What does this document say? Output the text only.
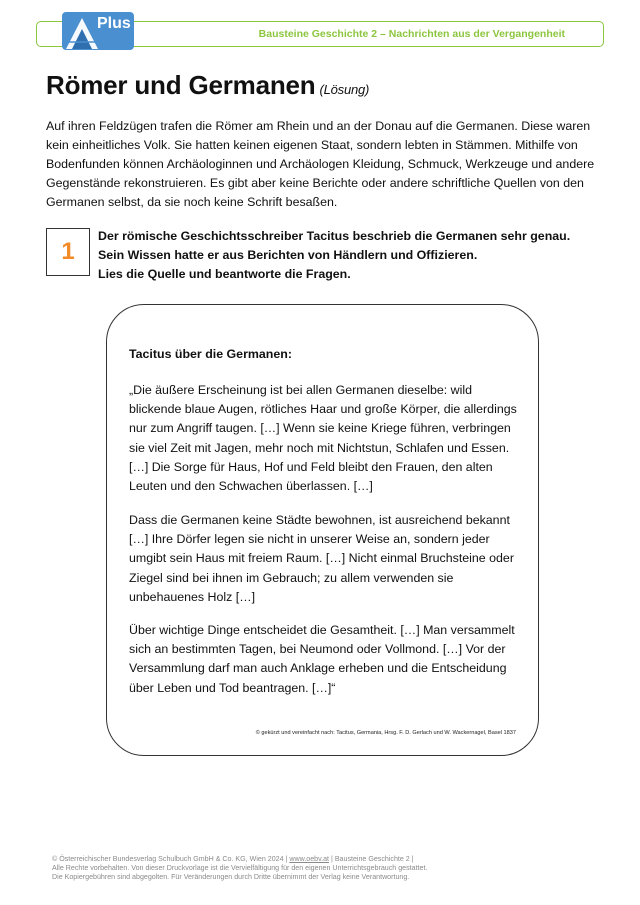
Bausteine Geschichte 2 – Nachrichten aus der Vergangenheit
Plus
Römer und Germanen (Lösung)

Auf ihren Feldzügen trafen die Römer am Rhein und an der Donau auf die Germanen. Diese waren kein einheitliches Volk. Sie hatten keinen eigenen Staat, sondern lebten in Stämmen. Mithilfe von Bodenfunden können Archäologinnen und Archäologen Kleidung, Schmuck, Werkzeuge und andere Gegenstände rekonstruieren. Es gibt aber keine Berichte oder andere schriftliche Quellen von den Germanen selbst, da sie noch keine Schrift besaßen.

1
Der römische Geschichtsschreiber Tacitus beschrieb die Germanen sehr genau.
Sein Wissen hatte er aus Berichten von Händlern und Offizieren.
Lies die Quelle und beantworte die Fragen.
Tacitus über die Germanen:

„Die äußere Erscheinung ist bei allen Germanen dieselbe: wild blickende blaue Augen, rötliches Haar und große Körper, die allerdings nur zum Angriff taugen. […] Wenn sie keine Kriege führen, verbringen sie viel Zeit mit Jagen, mehr noch mit Nichtstun, Schlafen und Essen. […] Die Sorge für Haus, Hof und Feld bleibt den Frauen, den alten Leuten und den Schwachen überlassen. […]

Dass die Germanen keine Städte bewohnen, ist ausreichend bekannt […] Ihre Dörfer legen sie nicht in unserer Weise an, sondern jeder umgibt sein Haus mit freiem Raum. […] Nicht einmal Bruchsteine oder Ziegel sind bei ihnen im Gebrauch; zu allem verwenden sie unbehauenes Holz […]

Über wichtige Dinge entscheidet die Gesamtheit. […] Man versammelt sich an bestimmten Tagen, bei Neumond oder Vollmond. […] Vor der Versammlung darf man auch Anklage erheben und die Entscheidung über Leben und Tod beantragen. […]“

© gekürzt und vereinfacht nach: Tacitus, Germania, Hrsg. F. D. Gerlach und W. Wackernagel, Basel 1837
© Österreichischer Bundesverlag Schulbuch GmbH & Co. KG, Wien 2024 | www.oebv.at | Bausteine Geschichte 2 |
Alle Rechte vorbehalten. Von dieser Druckvorlage ist die Vervielfältigung für den eigenen Unterrichtsgebrauch gestattet.
Die Kopiergebühren sind abgegolten. Für Veränderungen durch Dritte übernimmt der Verlag keine Verantwortung.
